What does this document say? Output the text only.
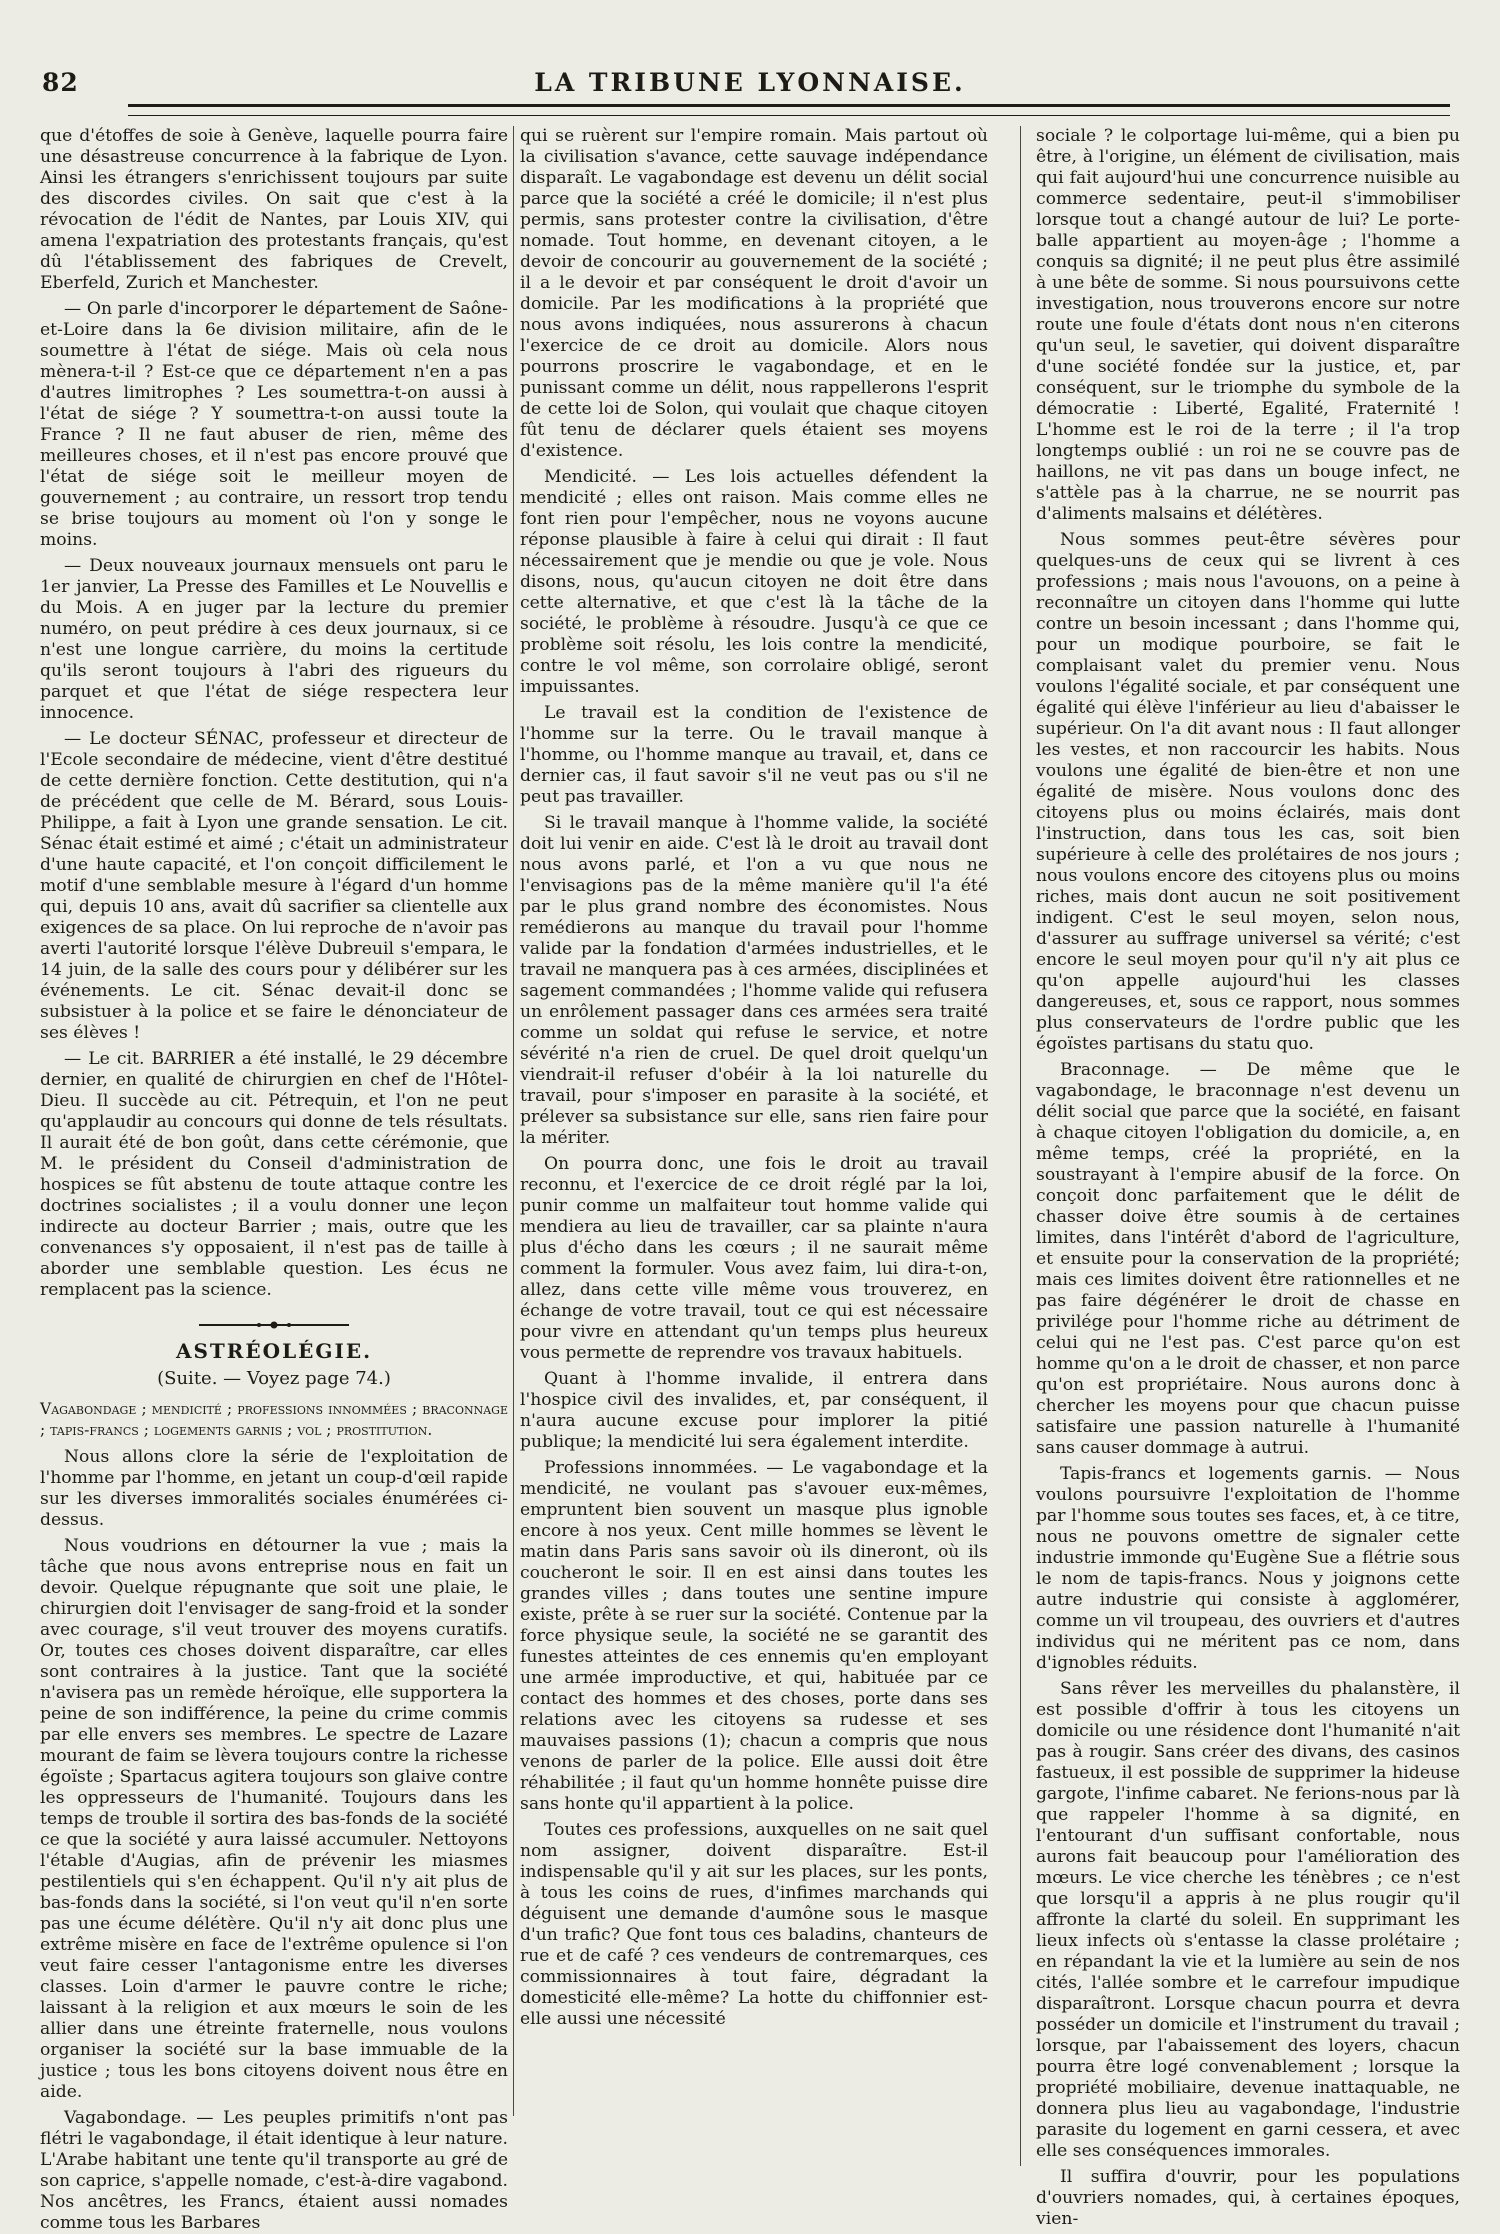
82	LA TRIBUNE LYONNAISE.

que d'étoffes de soie à Genève, laquelle pourra faire une désastreuse concurrence à la fabrique de Lyon. Ainsi les étrangers s'enrichissent toujours par suite des discordes civiles. On sait que c'est à la révocation de l'édit de Nantes, par Louis XIV, qui amena l'expatriation des protestants français, qu'est dû l'établissement des fabriques de Crevelt, Eberfeld, Zurich et Manchester.

— On parle d'incorporer le département de Saône-et-Loire dans la 6e division militaire, afin de le soumettre à l'état de siége. Mais où cela nous mènera-t-il ? Est-ce que ce département n'en a pas d'autres limitrophes ? Les soumettra-t-on aussi à l'état de siége ? Y soumettra-t-on aussi toute la France ? Il ne faut abuser de rien, même des meilleures choses, et il n'est pas encore prouvé que l'état de siége soit le meilleur moyen de gouvernement ; au contraire, un ressort trop tendu se brise toujours au moment où l'on y songe le moins.

— Deux nouveaux journaux mensuels ont paru le 1er janvier, La Presse des Familles et Le Nouvellis e du Mois. A en juger par la lecture du premier numéro, on peut prédire à ces deux journaux, si ce n'est une longue carrière, du moins la certitude qu'ils seront toujours à l'abri des rigueurs du parquet et que l'état de siége respectera leur innocence.

— Le docteur SÉNAC, professeur et directeur de l'Ecole secondaire de médecine, vient d'être destitué de cette dernière fonction. Cette destitution, qui n'a de précédent que celle de M. Bérard, sous Louis-Philippe, a fait à Lyon une grande sensation. Le cit. Sénac était estimé et aimé ; c'était un administrateur d'une haute capacité, et l'on conçoit difficilement le motif d'une semblable mesure à l'égard d'un homme qui, depuis 10 ans, avait dû sacrifier sa clientelle aux exigences de sa place. On lui reproche de n'avoir pas averti l'autorité lorsque l'élève Dubreuil s'empara, le 14 juin, de la salle des cours pour y délibérer sur les événements. Le cit. Sénac devait-il donc se subsistuer à la police et se faire le dénonciateur de ses élèves !

— Le cit. BARRIER a été installé, le 29 décembre dernier, en qualité de chirurgien en chef de l'Hôtel-Dieu. Il succède au cit. Pétrequin, et l'on ne peut qu'applaudir au concours qui donne de tels résultats. Il aurait été de bon goût, dans cette cérémonie, que M. le président du Conseil d'administration de hospices se fût abstenu de toute attaque contre les doctrines socialistes ; il a voulu donner une leçon indirecte au docteur Barrier ; mais, outre que les convenances s'y opposaient, il n'est pas de taille à aborder une semblable question. Les écus ne remplacent pas la science.

ASTRÉOLÉGIE.
(Suite. — Voyez page 74.)
Vagabondage ; mendicité ; professions innommées ; braconnage ; tapis-francs ; logements garnis ; vol ; prostitution.

Nous allons clore la série de l'exploitation de l'homme par l'homme, en jetant un coup-d'œil rapide sur les diverses immoralités sociales énumérées ci-dessus.

Nous voudrions en détourner la vue ; mais la tâche que nous avons entreprise nous en fait un devoir. Quelque répugnante que soit une plaie, le chirurgien doit l'envisager de sang-froid et la sonder avec courage, s'il veut trouver des moyens curatifs. Or, toutes ces choses doivent disparaître, car elles sont contraires à la justice. Tant que la société n'avisera pas un remède héroïque, elle supportera la peine de son indifférence, la peine du crime commis par elle envers ses membres. Le spectre de Lazare mourant de faim se lèvera toujours contre la richesse égoïste ; Spartacus agitera toujours son glaive contre les oppresseurs de l'humanité. Toujours dans les temps de trouble il sortira des bas-fonds de la société ce que la société y aura laissé accumuler. Nettoyons l'étable d'Augias, afin de prévenir les miasmes pestilentiels qui s'en échappent. Qu'il n'y ait plus de bas-fonds dans la société, si l'on veut qu'il n'en sorte pas une écume délétère. Qu'il n'y ait donc plus une extrême misère en face de l'extrême opulence si l'on veut faire cesser l'antagonisme entre les diverses classes. Loin d'armer le pauvre contre le riche; laissant à la religion et aux mœurs le soin de les allier dans une étreinte fraternelle, nous voulons organiser la société sur la base immuable de la justice ; tous les bons citoyens doivent nous être en aide.

Vagabondage. — Les peuples primitifs n'ont pas flétri le vagabondage, il était identique à leur nature. L'Arabe habitant une tente qu'il transporte au gré de son caprice, s'appelle nomade, c'est-à-dire vagabond. Nos ancêtres, les Francs, étaient aussi nomades comme tous les Barbares

qui se ruèrent sur l'empire romain. Mais partout où la civilisation s'avance, cette sauvage indépendance disparaît. Le vagabondage est devenu un délit social parce que la société a créé le domicile; il n'est plus permis, sans protester contre la civilisation, d'être nomade. Tout homme, en devenant citoyen, a le devoir de concourir au gouvernement de la société ; il a le devoir et par conséquent le droit d'avoir un domicile. Par les modifications à la propriété que nous avons indiquées, nous assurerons à chacun l'exercice de ce droit au domicile. Alors nous pourrons proscrire le vagabondage, et en le punissant comme un délit, nous rappellerons l'esprit de cette loi de Solon, qui voulait que chaque citoyen fût tenu de déclarer quels étaient ses moyens d'existence.

Mendicité. — Les lois actuelles défendent la mendicité ; elles ont raison. Mais comme elles ne font rien pour l'empêcher, nous ne voyons aucune réponse plausible à faire à celui qui dirait : Il faut nécessairement que je mendie ou que je vole. Nous disons, nous, qu'aucun citoyen ne doit être dans cette alternative, et que c'est là la tâche de la société, le problème à résoudre. Jusqu'à ce que ce problème soit résolu, les lois contre la mendicité, contre le vol même, son corrolaire obligé, seront impuissantes.

Le travail est la condition de l'existence de l'homme sur la terre. Ou le travail manque à l'homme, ou l'homme manque au travail, et, dans ce dernier cas, il faut savoir s'il ne veut pas ou s'il ne peut pas travailler.

Si le travail manque à l'homme valide, la société doit lui venir en aide. C'est là le droit au travail dont nous avons parlé, et l'on a vu que nous ne l'envisagions pas de la même manière qu'il l'a été par le plus grand nombre des économistes. Nous remédierons au manque du travail pour l'homme valide par la fondation d'armées industrielles, et le travail ne manquera pas à ces armées, disciplinées et sagement commandées ; l'homme valide qui refusera un enrôlement passager dans ces armées sera traité comme un soldat qui refuse le service, et notre sévérité n'a rien de cruel. De quel droit quelqu'un viendrait-il refuser d'obéir à la loi naturelle du travail, pour s'imposer en parasite à la société, et prélever sa subsistance sur elle, sans rien faire pour la mériter.

On pourra donc, une fois le droit au travail reconnu, et l'exercice de ce droit réglé par la loi, punir comme un malfaiteur tout homme valide qui mendiera au lieu de travailler, car sa plainte n'aura plus d'écho dans les cœurs ; il ne saurait même comment la formuler. Vous avez faim, lui dira-t-on, allez, dans cette ville même vous trouverez, en échange de votre travail, tout ce qui est nécessaire pour vivre en attendant qu'un temps plus heureux vous permette de reprendre vos travaux habituels.

Quant à l'homme invalide, il entrera dans l'hospice civil des invalides, et, par conséquent, il n'aura aucune excuse pour implorer la pitié publique; la mendicité lui sera également interdite.

Professions innommées. — Le vagabondage et la mendicité, ne voulant pas s'avouer eux-mêmes, empruntent bien souvent un masque plus ignoble encore à nos yeux. Cent mille hommes se lèvent le matin dans Paris sans savoir où ils dineront, où ils coucheront le soir. Il en est ainsi dans toutes les grandes villes ; dans toutes une sentine impure existe, prête à se ruer sur la société. Contenue par la force physique seule, la société ne se garantit des funestes atteintes de ces ennemis qu'en employant une armée improductive, et qui, habituée par ce contact des hommes et des choses, porte dans ses relations avec les citoyens sa rudesse et ses mauvaises passions (1); chacun a compris que nous venons de parler de la police. Elle aussi doit être réhabilitée ; il faut qu'un homme honnête puisse dire sans honte qu'il appartient à la police.

Toutes ces professions, auxquelles on ne sait quel nom assigner, doivent disparaître. Est-il indispensable qu'il y ait sur les places, sur les ponts, à tous les coins de rues, d'infimes marchands qui déguisent une demande d'aumône sous le masque d'un trafic? Que font tous ces baladins, chanteurs de rue et de café ? ces vendeurs de contremarques, ces commissionnaires à tout faire, dégradant la domesticité elle-même? La hotte du chiffonnier est-elle aussi une nécessité

sociale ? le colportage lui-même, qui a bien pu être, à l'origine, un élément de civilisation, mais qui fait aujourd'hui une concurrence nuisible au commerce sedentaire, peut-il s'immobiliser lorsque tout a changé autour de lui? Le porte-balle appartient au moyen-âge ; l'homme a conquis sa dignité; il ne peut plus être assimilé à une bête de somme. Si nous poursuivons cette investigation, nous trouverons encore sur notre route une foule d'états dont nous n'en citerons qu'un seul, le savetier, qui doivent disparaître d'une société fondée sur la justice, et, par conséquent, sur le triomphe du symbole de la démocratie : Liberté, Egalité, Fraternité ! L'homme est le roi de la terre ; il l'a trop longtemps oublié : un roi ne se couvre pas de haillons, ne vit pas dans un bouge infect, ne s'attèle pas à la charrue, ne se nourrit pas d'aliments malsains et délétères.

Nous sommes peut-être sévères pour quelques-uns de ceux qui se livrent à ces professions ; mais nous l'avouons, on a peine à reconnaître un citoyen dans l'homme qui lutte contre un besoin incessant ; dans l'homme qui, pour un modique pourboire, se fait le complaisant valet du premier venu. Nous voulons l'égalité sociale, et par conséquent une égalité qui élève l'inférieur au lieu d'abaisser le supérieur. On l'a dit avant nous : Il faut allonger les vestes, et non raccourcir les habits. Nous voulons une égalité de bien-être et non une égalité de misère. Nous voulons donc des citoyens plus ou moins éclairés, mais dont l'instruction, dans tous les cas, soit bien supérieure à celle des prolétaires de nos jours ; nous voulons encore des citoyens plus ou moins riches, mais dont aucun ne soit positivement indigent. C'est le seul moyen, selon nous, d'assurer au suffrage universel sa vérité; c'est encore le seul moyen pour qu'il n'y ait plus ce qu'on appelle aujourd'hui les classes dangereuses, et, sous ce rapport, nous sommes plus conservateurs de l'ordre public que les égoïstes partisans du statu quo.

Braconnage. — De même que le vagabondage, le braconnage n'est devenu un délit social que parce que la société, en faisant à chaque citoyen l'obligation du domicile, a, en même temps, créé la propriété, en la soustrayant à l'empire abusif de la force. On conçoit donc parfaitement que le délit de chasser doive être soumis à de certaines limites, dans l'intérêt d'abord de l'agriculture, et ensuite pour la conservation de la propriété; mais ces limites doivent être rationnelles et ne pas faire dégénérer le droit de chasse en privilége pour l'homme riche au détriment de celui qui ne l'est pas. C'est parce qu'on est homme qu'on a le droit de chasser, et non parce qu'on est propriétaire. Nous aurons donc à chercher les moyens pour que chacun puisse satisfaire une passion naturelle à l'humanité sans causer dommage à autrui.

Tapis-francs et logements garnis. — Nous voulons poursuivre l'exploitation de l'homme par l'homme sous toutes ses faces, et, à ce titre, nous ne pouvons omettre de signaler cette industrie immonde qu'Eugène Sue a flétrie sous le nom de tapis-francs. Nous y joignons cette autre industrie qui consiste à agglomérer, comme un vil troupeau, des ouvriers et d'autres individus qui ne méritent pas ce nom, dans d'ignobles réduits.

Sans rêver les merveilles du phalanstère, il est possible d'offrir à tous les citoyens un domicile ou une résidence dont l'humanité n'ait pas à rougir. Sans créer des divans, des casinos fastueux, il est possible de supprimer la hideuse gargote, l'infime cabaret. Ne ferions-nous par là que rappeler l'homme à sa dignité, en l'entourant d'un suffisant confortable, nous aurons fait beaucoup pour l'amélioration des mœurs. Le vice cherche les ténèbres ; ce n'est que lorsqu'il a appris à ne plus rougir qu'il affronte la clarté du soleil. En supprimant les lieux infects où s'entasse la classe prolétaire ; en répandant la vie et la lumière au sein de nos cités, l'allée sombre et le carrefour impudique disparaîtront. Lorsque chacun pourra et devra posséder un domicile et l'instrument du travail ; lorsque, par l'abaissement des loyers, chacun pourra être logé convenablement ; lorsque la propriété mobiliaire, devenue inattaquable, ne donnera plus lieu au vagabondage, l'industrie parasite du logement en garni cessera, et avec elle ses conséquences immorales.

Il suffira d'ouvrir, pour les populations d'ouvriers nomades, qui, à certaines époques, vien-
